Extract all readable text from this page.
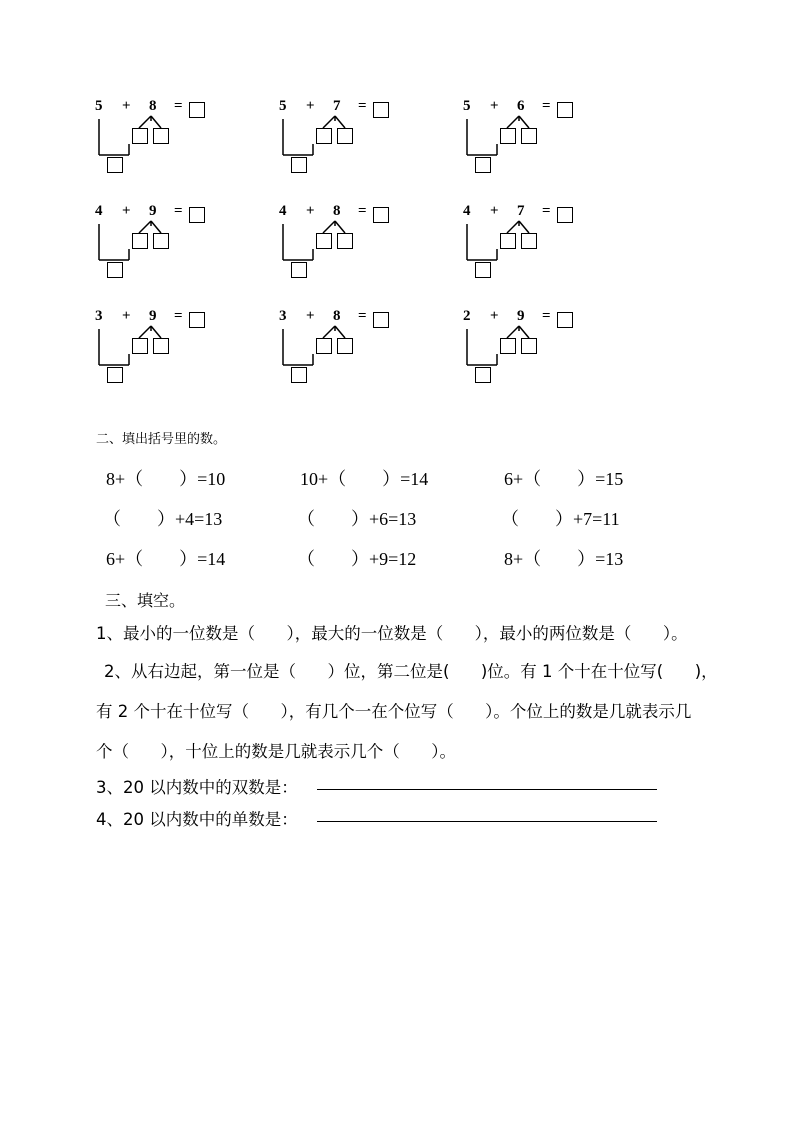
5 + 8 =	5 + 7 =	5 + 6 =
4 + 9 =	4 + 8 =	4 + 7 =
3 + 9 =	3 + 8 =	2 + 9 =
二、填出括号里的数。
8+（        ）=10	10+（        ）=14	6+（        ）=15
（        ）+4=13	（        ）+6=13	（        ）+7=11
6+（        ）=14	（        ）+9=12	8+（        ）=13
三、填空。
1、最小的一位数是（      ），最大的一位数是（      ），最小的两位数是（      ）。
2、从右边起，第一位是（      ）位，第二位是(      )位。有 1 个十在十位写(      )，
有 2 个十在十位写（      ），有几个一在个位写（      ）。个位上的数是几就表示几
个（      ），十位上的数是几就表示几个（      ）。
3、20 以内数中的双数是：
4、20 以内数中的单数是：
